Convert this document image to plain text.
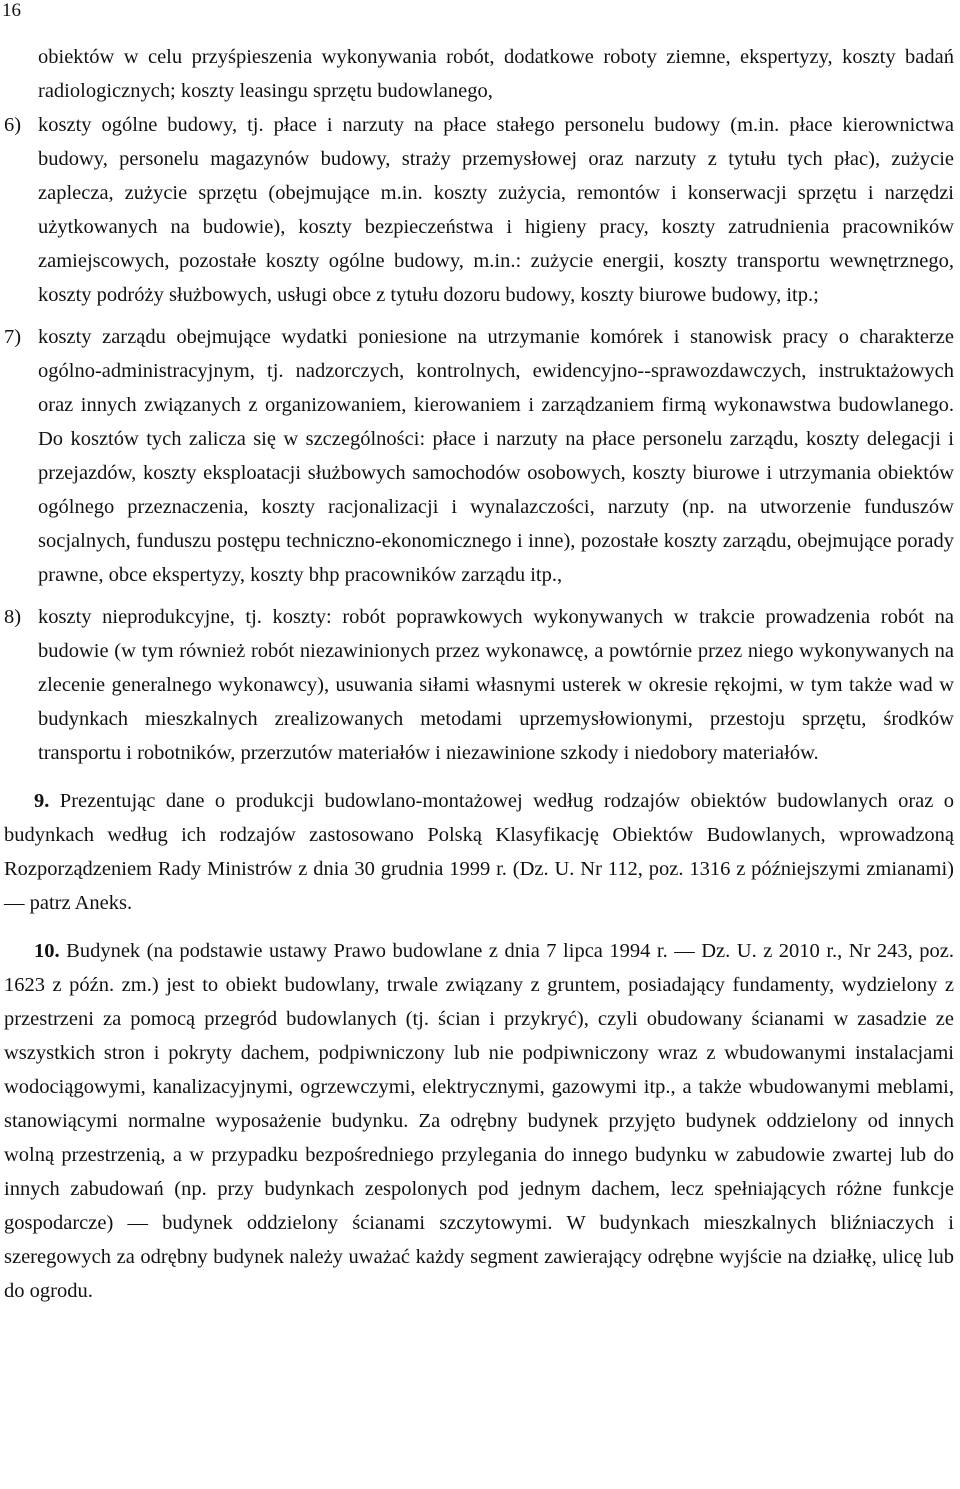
16

obiektów w celu przyśpieszenia wykonywania robót, dodatkowe roboty ziemne, ekspertyzy, koszty badań radiologicznych; koszty leasingu sprzętu budowlanego,

6) koszty ogólne budowy, tj. płace i narzuty na płace stałego personelu budowy (m.in. płace kierownictwa budowy, personelu magazynów budowy, straży przemysłowej oraz narzuty z tytułu tych płac), zużycie zaplecza, zużycie sprzętu (obejmujące m.in. koszty zużycia, remontów i konserwacji sprzętu i narzędzi użytkowanych na budowie), koszty bezpieczeństwa i higieny pracy, koszty zatrudnienia pracowników zamiejscowych, pozostałe koszty ogólne budowy, m.in.: zużycie energii, koszty transportu wewnętrznego, koszty podróży służbowych, usługi obce z tytułu dozoru budowy, koszty biurowe budowy, itp.;
7) koszty zarządu obejmujące wydatki poniesione na utrzymanie komórek i stanowisk pracy o charakterze ogólno-administracyjnym, tj. nadzorczych, kontrolnych, ewidencyjno--sprawozdawczych, instruktażowych oraz innych związanych z organizowaniem, kierowaniem i zarządzaniem firmą wykonawstwa budowlanego. Do kosztów tych zalicza się w szczególności: płace i narzuty na płace personelu zarządu, koszty delegacji i przejazdów, koszty eksploatacji służbowych samochodów osobowych, koszty biurowe i utrzymania obiektów ogólnego przeznaczenia, koszty racjonalizacji i wynalazczości, narzuty (np. na utworzenie funduszów socjalnych, funduszu postępu techniczno-ekonomicznego i inne), pozostałe koszty zarządu, obejmujące porady prawne, obce ekspertyzy, koszty bhp pracowników zarządu itp.,
8) koszty nieprodukcyjne, tj. koszty: robót poprawkowych wykonywanych w trakcie prowadzenia robót na budowie (w tym również robót niezawinionych przez wykonawcę, a powtórnie przez niego wykonywanych na zlecenie generalnego wykonawcy), usuwania siłami własnymi usterek w okresie rękojmi, w tym także wad w budynkach mieszkalnych zrealizowanych metodami uprzemysłowionymi, przestoju sprzętu, środków transportu i robotników, przerzutów materiałów i niezawinione szkody i niedobory materiałów.

9. Prezentując dane o produkcji budowlano-montażowej według rodzajów obiektów budowlanych oraz o budynkach według ich rodzajów zastosowano Polską Klasyfikację Obiektów Budowlanych, wprowadzoną Rozporządzeniem Rady Ministrów z dnia 30 grudnia 1999 r. (Dz. U. Nr 112, poz. 1316 z późniejszymi zmianami) — patrz Aneks.

10. Budynek (na podstawie ustawy Prawo budowlane z dnia 7 lipca 1994 r. — Dz. U. z 2010 r., Nr 243, poz. 1623 z późn. zm.) jest to obiekt budowlany, trwale związany z gruntem, posiadający fundamenty, wydzielony z przestrzeni za pomocą przegród budowlanych (tj. ścian i przykryć), czyli obudowany ścianami w zasadzie ze wszystkich stron i pokryty dachem, podpiwniczony lub nie podpiwniczony wraz z wbudowanymi instalacjami wodociągowymi, kanalizacyjnymi, ogrzewczymi, elektrycznymi, gazowymi itp., a także wbudowanymi meblami, stanowiącymi normalne wyposażenie budynku. Za odrębny budynek przyjęto budynek oddzielony od innych wolną przestrzenią, a w przypadku bezpośredniego przylegania do innego budynku w zabudowie zwartej lub do innych zabudowań (np. przy budynkach zespolonych pod jednym dachem, lecz spełniających różne funkcje gospodarcze) — budynek oddzielony ścianami szczytowymi. W budynkach mieszkalnych bliźniaczych i szeregowych za odrębny budynek należy uważać każdy segment zawierający odrębne wyjście na działkę, ulicę lub do ogrodu.
